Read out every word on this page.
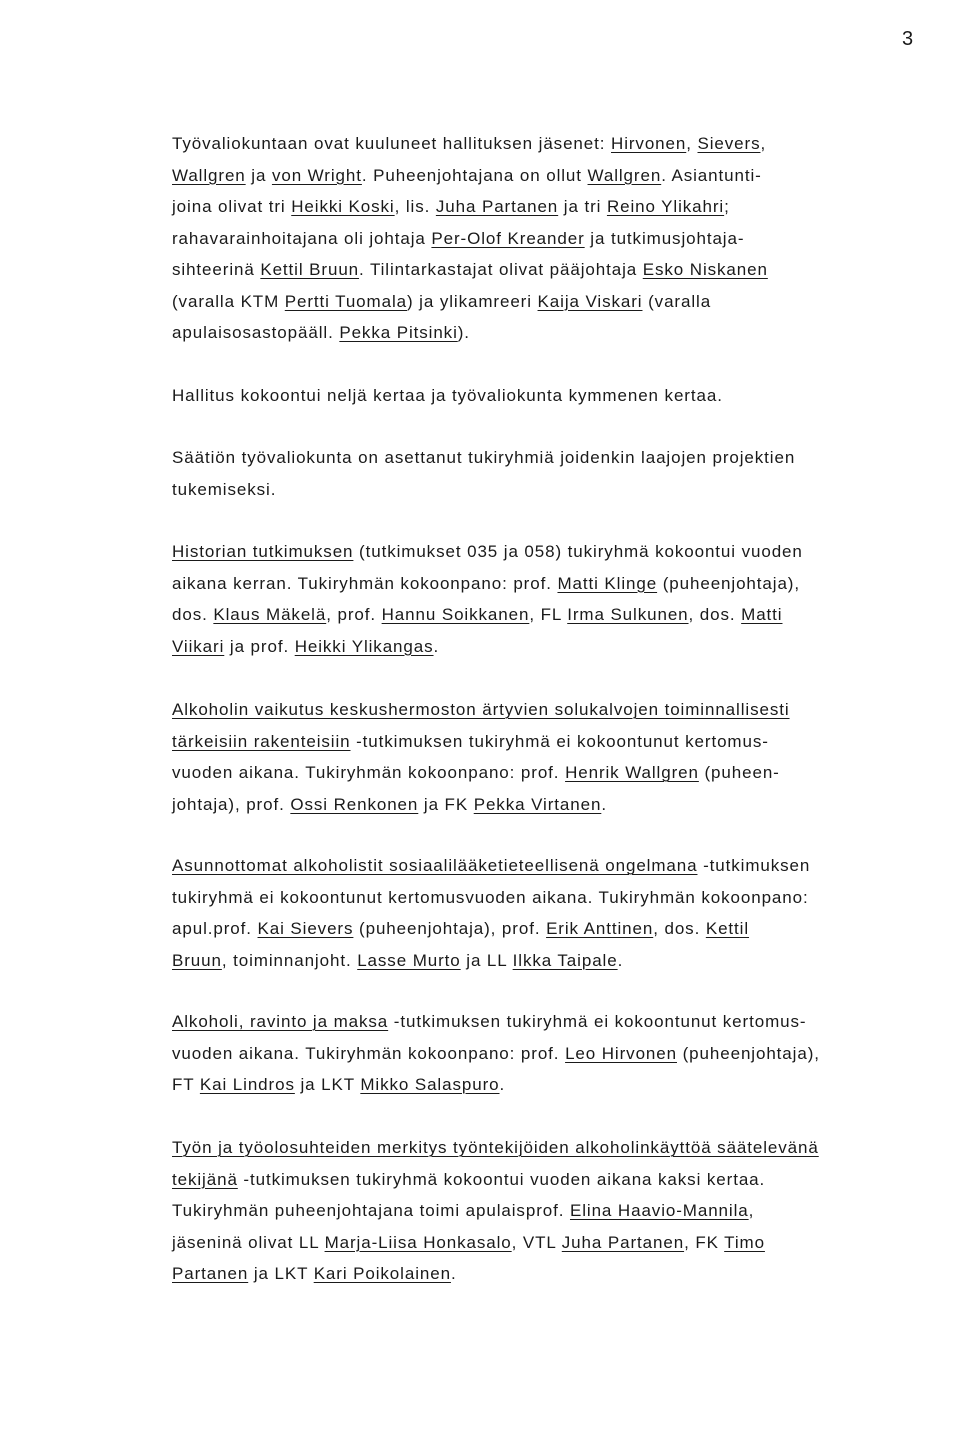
3
Työvaliokuntaan ovat kuuluneet hallituksen jäsenet: Hirvonen, Sievers,
Wallgren ja von Wright. Puheenjohtajana on ollut Wallgren. Asiantunti-
joina olivat tri Heikki Koski, lis. Juha Partanen ja tri Reino Ylikahri;
rahavarainhoitajana oli johtaja Per-Olof Kreander ja tutkimusjohtaja-
sihteerinä Kettil Bruun. Tilintarkastajat olivat pääjohtaja Esko Niskanen
(varalla KTM Pertti Tuomala) ja ylikamreeri Kaija Viskari (varalla
apulaisosastopääll. Pekka Pitsinki).
Hallitus kokoontui neljä kertaa ja työvaliokunta kymmenen kertaa.
Säätiön työvaliokunta on asettanut tukiryhmiä joidenkin laajojen projektien
tukemiseksi.
Historian tutkimuksen (tutkimukset 035 ja 058) tukiryhmä kokoontui vuoden
aikana kerran. Tukiryhmän kokoonpano: prof. Matti Klinge (puheenjohtaja),
dos. Klaus Mäkelä, prof. Hannu Soikkanen, FL Irma Sulkunen, dos. Matti
Viikari ja prof. Heikki Ylikangas.
Alkoholin vaikutus keskushermoston ärtyvien solukalvojen toiminnallisesti
tärkeisiin rakenteisiin -tutkimuksen tukiryhmä ei kokoontunut kertomus-
vuoden aikana. Tukiryhmän kokoonpano: prof. Henrik Wallgren (puheen-
johtaja), prof. Ossi Renkonen ja FK Pekka Virtanen.
Asunnottomat alkoholistit sosiaalilääketieteellisenä ongelmana -tutkimuksen
tukiryhmä ei kokoontunut kertomusvuoden aikana. Tukiryhmän kokoonpano:
apul.prof. Kai Sievers (puheenjohtaja), prof. Erik Anttinen, dos. Kettil
Bruun, toiminnanjoht. Lasse Murto ja LL Ilkka Taipale.
Alkoholi, ravinto ja maksa -tutkimuksen tukiryhmä ei kokoontunut kertomus-
vuoden aikana. Tukiryhmän kokoonpano: prof. Leo Hirvonen (puheenjohtaja),
FT Kai Lindros ja LKT Mikko Salaspuro.
Työn ja työolosuhteiden merkitys työntekijöiden alkoholinkäyttöä säätelevänä
tekijänä -tutkimuksen tukiryhmä kokoontui vuoden aikana kaksi kertaa.
Tukiryhmän puheenjohtajana toimi apulaisprof. Elina Haavio-Mannila,
jäseninä olivat LL Marja-Liisa Honkasalo, VTL Juha Partanen, FK Timo
Partanen ja LKT Kari Poikolainen.
